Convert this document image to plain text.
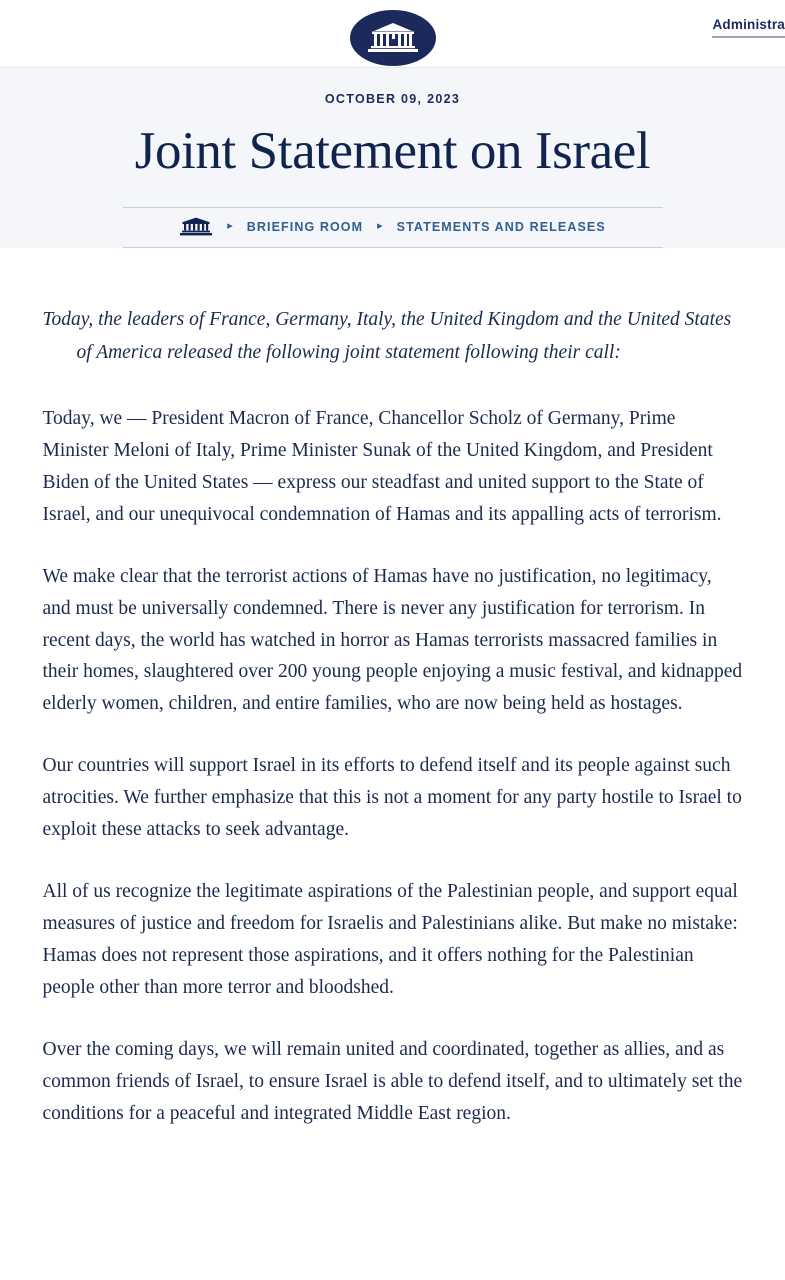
Administra

OCTOBER 09, 2023

Joint Statement on Israel
▸ BRIEFING ROOM ▸ STATEMENTS AND RELEASES

Today, the leaders of France, Germany, Italy, the United Kingdom and the United States of America released the following joint statement following their call:

Today, we — President Macron of France, Chancellor Scholz of Germany, Prime Minister Meloni of Italy, Prime Minister Sunak of the United Kingdom, and President Biden of the United States — express our steadfast and united support to the State of Israel, and our unequivocal condemnation of Hamas and its appalling acts of terrorism.

We make clear that the terrorist actions of Hamas have no justification, no legitimacy, and must be universally condemned. There is never any justification for terrorism. In recent days, the world has watched in horror as Hamas terrorists massacred families in their homes, slaughtered over 200 young people enjoying a music festival, and kidnapped elderly women, children, and entire families, who are now being held as hostages.

Our countries will support Israel in its efforts to defend itself and its people against such atrocities. We further emphasize that this is not a moment for any party hostile to Israel to exploit these attacks to seek advantage.

All of us recognize the legitimate aspirations of the Palestinian people, and support equal measures of justice and freedom for Israelis and Palestinians alike. But make no mistake: Hamas does not represent those aspirations, and it offers nothing for the Palestinian people other than more terror and bloodshed.

Over the coming days, we will remain united and coordinated, together as allies, and as common friends of Israel, to ensure Israel is able to defend itself, and to ultimately set the conditions for a peaceful and integrated Middle East region.
